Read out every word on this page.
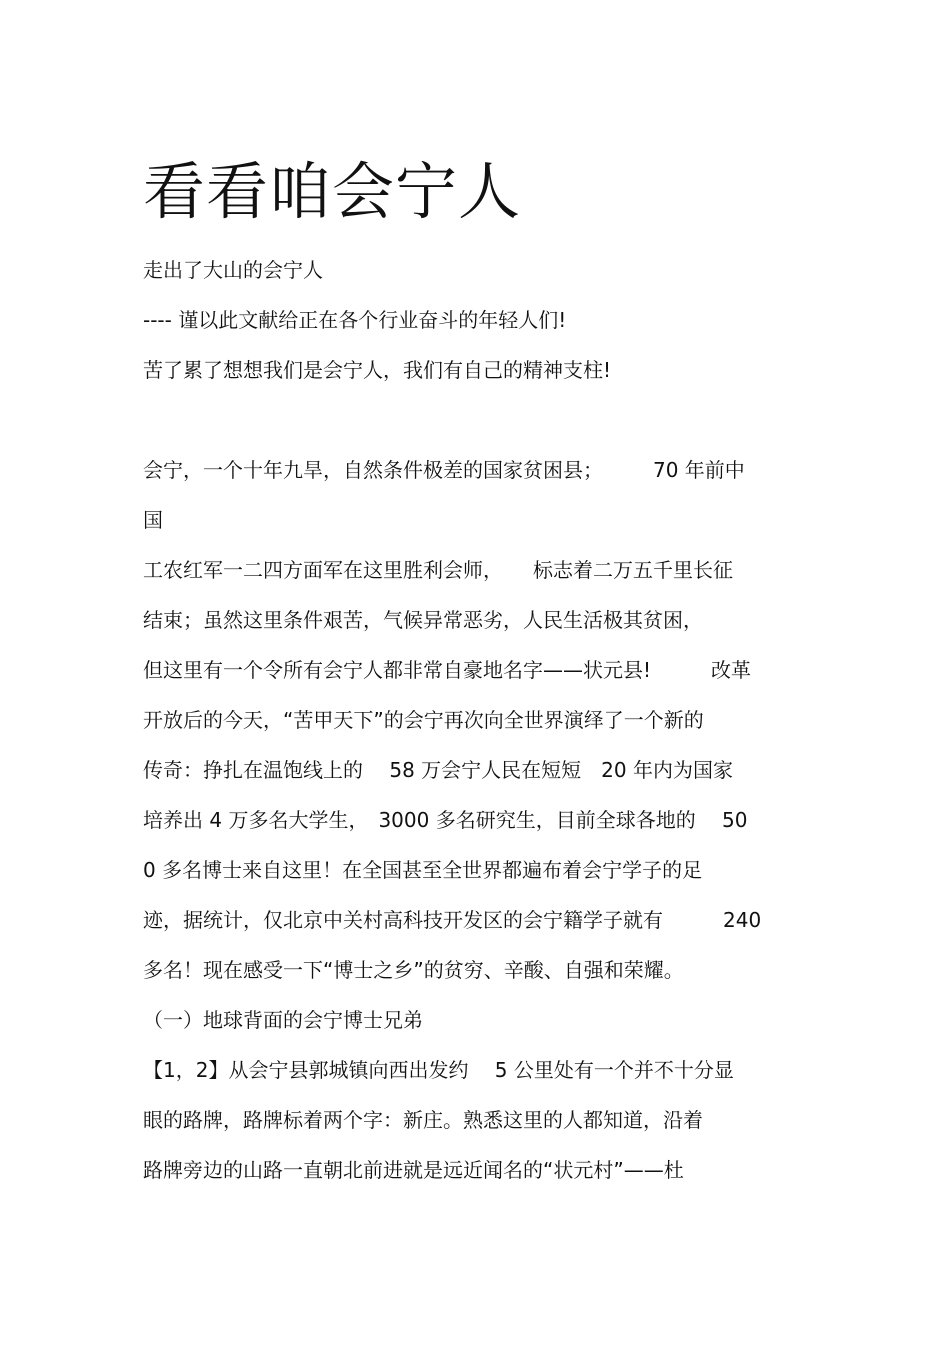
看看咱会宁人

走出了大山的会宁人

---- 谨以此文献给正在各个行业奋斗的年轻人们!

苦了累了想想我们是会宁人，我们有自己的精神支柱!

会宁，一个十年九旱，自然条件极差的国家贫困县；　　　70 年前中

国

工农红军一二四方面军在这里胜利会师，　　标志着二万五千里长征

结束；虽然这里条件艰苦，气候异常恶劣，人民生活极其贫困，

但这里有一个令所有会宁人都非常自豪地名字——状元县!　　　改革

开放后的今天，“苦甲天下”的会宁再次向全世界演绎了一个新的

传奇：挣扎在温饱线上的　 58 万会宁人民在短短　20 年内为国家

培养出 4 万多名大学生，　3000 多名研究生，目前全球各地的　 50

0 多名博士来自这里！在全国甚至全世界都遍布着会宁学子的足

迹，据统计，仅北京中关村高科技开发区的会宁籍学子就有　　　240

多名！现在感受一下“博士之乡”的贫穷、辛酸、自强和荣耀。

（一）地球背面的会宁博士兄弟

【1，2】从会宁县郭城镇向西出发约　 5 公里处有一个并不十分显

眼的路牌，路牌标着两个字：新庄。熟悉这里的人都知道，沿着

路牌旁边的山路一直朝北前进就是远近闻名的“状元村”——杜
